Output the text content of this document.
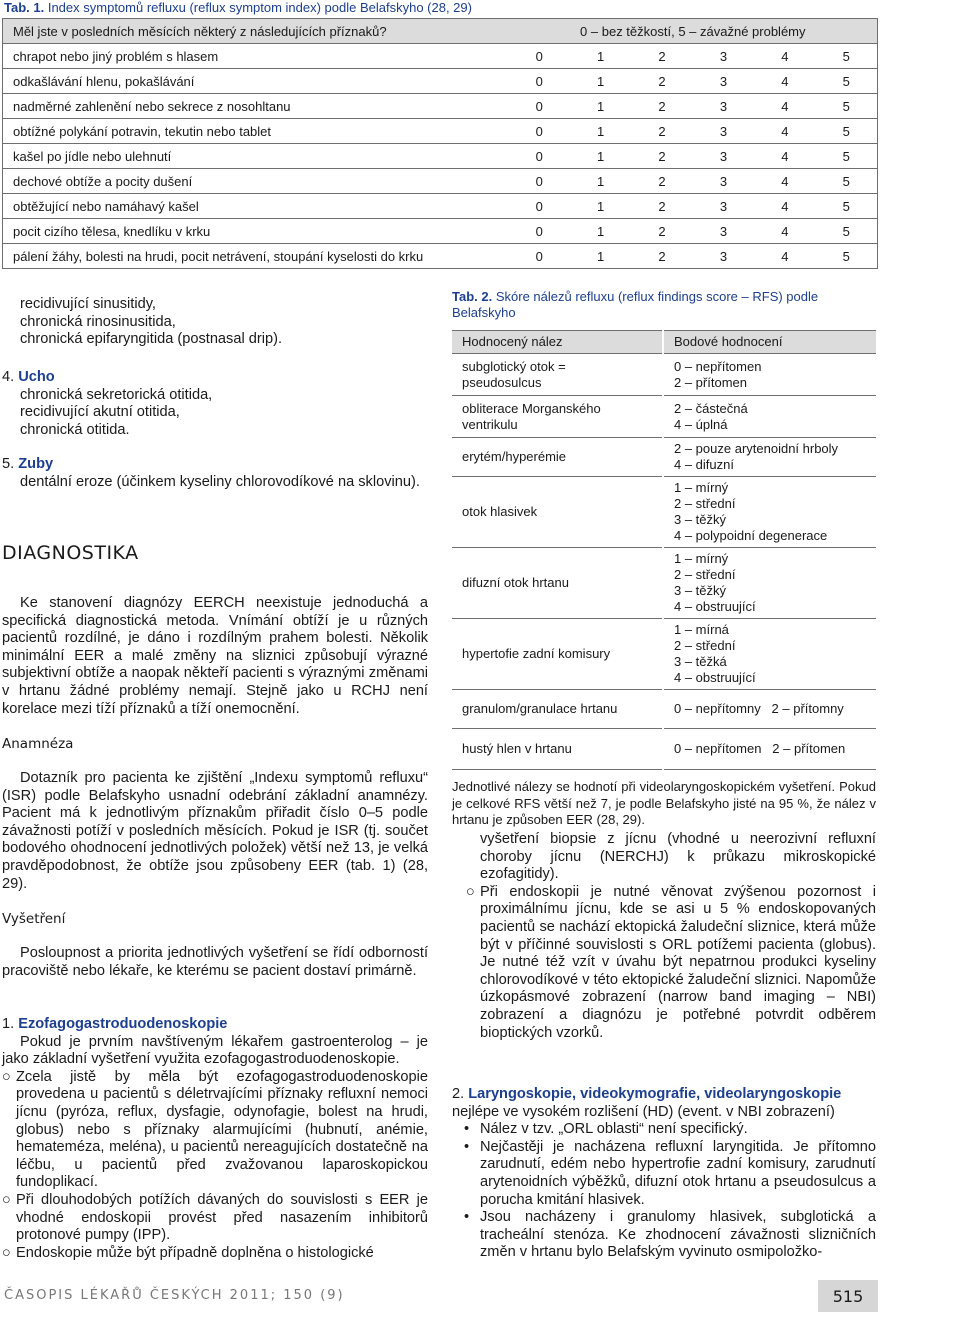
Tab. 1. Index symptomů refluxu (reflux symptom index) podle Belafskyho (28, 29)
Měl jste v posledních měsících některý z následujících příznaků?	0 – bez těžkostí, 5 – závažné problémy					
chrapot nebo jiný problém s hlasem	0	1	2	3	4	5
odkašlávání hlenu, pokašlávání	0	1	2	3	4	5
nadměrné zahlenění nebo sekrece z nosohltanu	0	1	2	3	4	5
obtížné polykání potravin, tekutin nebo tablet	0	1	2	3	4	5
kašel po jídle nebo ulehnutí	0	1	2	3	4	5
dechové obtíže a pocity dušení	0	1	2	3	4	5
obtěžující nebo namáhavý kašel	0	1	2	3	4	5
pocit cizího tělesa, knedlíku v krku	0	1	2	3	4	5
pálení žáhy, bolesti na hrudi, pocit netrávení, stoupání kyselosti do krku	0	1	2	3	4	5

recidivující sinusitidy,
chronická rinosinusitida,
chronická epifaryngitida (postnasal drip).

4. Ucho

chronická sekretorická otitida,
recidivující akutní otitida,
chronická otitida.

5. Zuby

dentální eroze (účinkem kyseliny chlorovodíkové na sklovinu).

DIAGNOSTIKA

Ke stanovení diagnózy EERCH neexistuje jednoduchá a specifická diagnostická metoda. Vnímání obtíží je u různých pacientů rozdílné, je dáno i rozdílným prahem bolesti. Několik minimální EER a malé změny na sliznici způsobují výrazné subjektivní obtíže a naopak někteří pacienti s výraznými změnami v hrtanu žádné problémy nemají. Stejně jako u RCHJ není korelace mezi tíží příznaků a tíží onemocnění.

Anamnéza

Dotazník pro pacienta ke zjištění „Indexu symptomů refluxu“ (ISR) podle Belafskyho usnadní odebrání základní anamnézy. Pacient má k jednotlivým příznakům přiřadit číslo 0–5 podle závažnosti potíží v posledních měsících. Pokud je ISR (tj. součet bodového ohodnocení jednotlivých položek) větší než 13, je velká pravděpodobnost, že obtíže jsou způsobeny EER (tab. 1) (28, 29).

Vyšetření

Posloupnost a priorita jednotlivých vyšetření se řídí odborností pracoviště nebo lékaře, ke kterému se pacient dostaví primárně.

1. Ezofagogastroduodenoskopie

Pokud je prvním navštíveným lékařem gastroenterolog – je jako základní vyšetření využita ezofagogastroduodenoskopie.

○ Zcela jistě by měla být ezofagogastroduodenoskopie provedena u pacientů s déletrvajícími příznaky refluxní nemoci jícnu (pyróza, reflux, dysfagie, odynofagie, bolest na hrudi, globus) nebo s příznaky alarmujícími (hubnutí, anémie, hemateméza, meléna), u pacientů nereagujících dostatečně na léčbu, u pacientů před zvažovanou laparoskopickou fundoplikací.
○ Při dlouhodobých potížích dávaných do souvislosti s EER je vhodné endoskopii provést před nasazením inhibitorů protonové pumpy (IPP).
○ Endoskopie může být případně doplněna o histologické
Tab. 2. Skóre nálezů refluxu (reflux findings score – RFS) podle Belafskyho
Hodnocený nález	Bodové hodnocení
subglotický otok =
pseudosulcus	0 – nepřítomen
2 – přítomen
obliterace Morganského
ventrikulu	2 – částečná
4 – úplná
erytém/hyperémie	2 – pouze arytenoidní hrboly
4 – difuzní
otok hlasivek	1 – mírný
2 – střední
3 – těžký
4 – polypoidní degenerace
difuzní otok hrtanu	1 – mírný
2 – střední
3 – těžký
4 – obstruující
hypertofie zadní komisury	1 – mírná
2 – střední
3 – těžká
4 – obstruující
granulom/granulace hrtanu	0 – nepřítomny   2 – přítomny
hustý hlen v hrtanu	0 – nepřítomen   2 – přítomen

Jednotlivé nálezy se hodnotí při videolaryngoskopickém vyšetření. Pokud je celkové RFS větší než 7, je podle Belafskyho jisté na 95 %, že nález v hrtanu je způsoben EER (28, 29).

vyšetření biopsie z jícnu (vhodné u neerozivní refluxní choroby jícnu (NERCHJ) k průkazu mikroskopické ezofagitidy).

○ Při endoskopii je nutné věnovat zvýšenou pozornost i proximálnímu jícnu, kde se asi u 5 % endoskopovaných pacientů se nachází ektopická žaludeční sliznice, která může být v příčinné souvislosti s ORL potížemi pacienta (globus). Je nutné též vzít v úvahu být nepatrnou produkci kyseliny chlorovodíkové v této ektopické žaludeční sliznici. Napomůže úzkopásmové zobrazení (narrow band imaging – NBI) zobrazení a diagnózu je potřebné potvrdit odběrem bioptických vzorků.
2. Laryngoskopie, videokymografie, videolaryngoskopie

nejlépe ve vysokém rozlišení (HD) (event. v NBI zobrazení)

• Nález v tzv. „ORL oblasti“ není specifický.
• Nejčastěji je nacházena refluxní laryngitida. Je přítomno zarudnutí, edém nebo hypertrofie zadní komisury, zarudnutí arytenoidních výběžků, difuzní otok hrtanu a pseudosulcus a porucha kmitání hlasivek.
• Jsou nacházeny i granulomy hlasivek, subglotická a tracheální stenóza. Ke zhodnocení závažnosti slizničních změn v hrtanu bylo Belafským vyvinuto osmipoložko-
ČASOPIS LÉKAŘŮ ČESKÝCH 2011; 150 (9)	515
